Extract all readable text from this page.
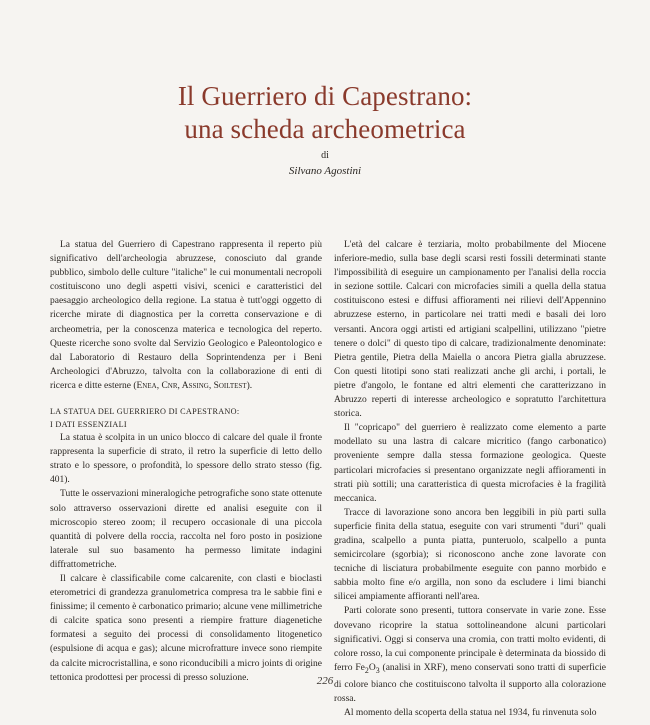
Il Guerriero di Capestrano:
una scheda archeometrica
di
Silvano Agostini

La statua del Guerriero di Capestrano rappresenta il reperto più significativo dell'archeologia abruzzese, conosciuto dal grande pubblico, simbolo delle culture "italiche" le cui monumentali necropoli costituiscono uno degli aspetti visivi, scenici e caratteristici del paesaggio archeologico della regione. La statua è tutt'oggi oggetto di ricerche mirate di diagnostica per la corretta conservazione e di archeometria, per la conoscenza materica e tecnologica del reperto. Queste ricerche sono svolte dal Servizio Geologico e Paleontologico e dal Laboratorio di Restauro della Soprintendenza per i Beni Archeologici d'Abruzzo, talvolta con la collaborazione di enti di ricerca e ditte esterne (Enea, Cnr, Assing, Soiltest).

LA STATUA DEL GUERRIERO DI CAPESTRANO:
I DATI ESSENZIALI

La statua è scolpita in un unico blocco di calcare del quale il fronte rappresenta la superficie di strato, il retro la superficie di letto dello strato e lo spessore, o profondità, lo spessore dello strato stesso (fig. 401).

Tutte le osservazioni mineralogiche petrografiche sono state ottenute solo attraverso osservazioni dirette ed analisi eseguite con il microscopio stereo zoom; il recupero occasionale di una piccola quantità di polvere della roccia, raccolta nel foro posto in posizione laterale sul suo basamento ha permesso limitate indagini diffrattometriche.

Il calcare è classificabile come calcarenite, con clasti e bioclasti eterometrici di grandezza granulometrica compresa tra le sabbie fini e finissime; il cemento è carbonatico primario; alcune vene millimetriche di calcite spatica sono presenti a riempire fratture diagenetiche formatesi a seguito dei processi di consolidamento litogenetico (espulsione di acqua e gas); alcune microfratture invece sono riempite da calcite microcristallina, e sono riconducibili a micro joints di origine tettonica prodottesi per processi di presso soluzione.

L'età del calcare è terziaria, molto probabilmente del Miocene inferiore-medio, sulla base degli scarsi resti fossili determinati stante l'impossibilità di eseguire un campionamento per l'analisi della roccia in sezione sottile. Calcari con microfacies simili a quella della statua costituiscono estesi e diffusi affioramenti nei rilievi dell'Appennino abruzzese esterno, in particolare nei tratti medi e basali dei loro versanti. Ancora oggi artisti ed artigiani scalpellini, utilizzano "pietre tenere o dolci" di questo tipo di calcare, tradizionalmente denominate: Pietra gentile, Pietra della Maiella o ancora Pietra gialla abruzzese. Con questi litotipi sono stati realizzati anche gli archi, i portali, le pietre d'angolo, le fontane ed altri elementi che caratterizzano in Abruzzo reperti di interesse archeologico e sopratutto l'architettura storica.

Il "copricapo" del guerriero è realizzato come elemento a parte modellato su una lastra di calcare micritico (fango carbonatico) proveniente sempre dalla stessa formazione geologica. Queste particolari microfacies si presentano organizzate negli affioramenti in strati più sottili; una caratteristica di questa microfacies è la fragilità meccanica.

Tracce di lavorazione sono ancora ben leggibili in più parti sulla superficie finita della statua, eseguite con vari strumenti "duri" quali gradina, scalpello a punta piatta, punteruolo, scalpello a punta semicircolare (sgorbia); si riconoscono anche zone lavorate con tecniche di lisciatura probabilmente eseguite con panno morbido e sabbia molto fine e/o argilla, non sono da escludere i limi bianchi silicei ampiamente affioranti nell'area.

Parti colorate sono presenti, tuttora conservate in varie zone. Esse dovevano ricoprire la statua sottolineandone alcuni particolari significativi. Oggi si conserva una cromia, con tratti molto evidenti, di colore rosso, la cui componente principale è determinata da biossido di ferro $Fe_2O_3$ (analisi in XRF), meno conservati sono tratti di superficie di colore bianco che costituiscono talvolta il supporto alla colorazione rossa.

Al momento della scoperta della statua nel 1934, fu rinvenuta solo

226
